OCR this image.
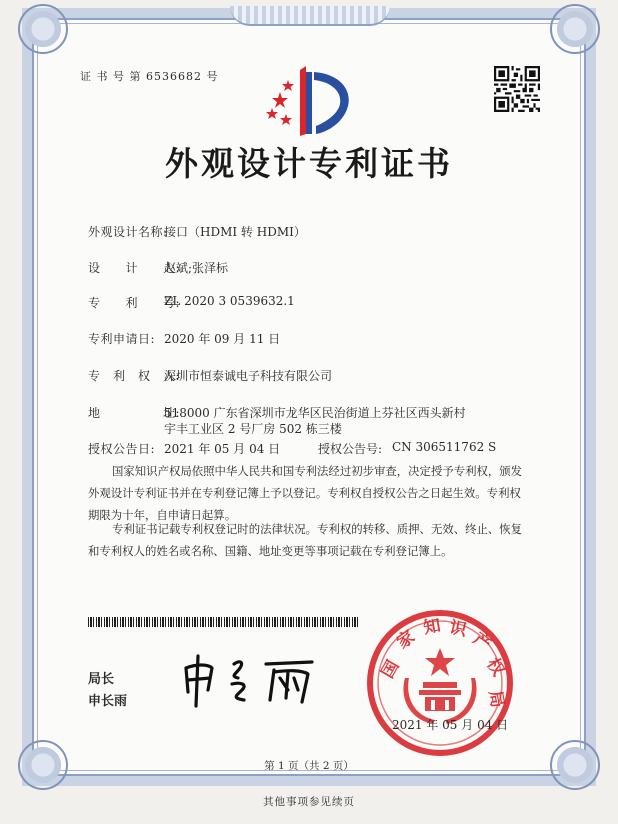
证 书 号 第 6536682 号
外观设计专利证书
外观设计名称:
接口（HDMI 转 HDMI）
设　　计　　人:
赵斌;张泽标
专　　利　　号:
ZL 2020 3 0539632.1
专利申请日: 2020 年 09 月 11 日
专　利　权　人:
深圳市恒泰诚电子科技有限公司
地　　　　　址:
518000 广东省深圳市龙华区民治街道上芬社区西头新村
宇丰工业区 2 号厂房 502 栋三楼
授权公告日: 2021 年 05 月 04 日	授权公告号: CN 306511762 S
国家知识产权局依照中华人民共和国专利法经过初步审查，决定授予专利权，颁发外观设计专利证书并在专利登记簿上予以登记。专利权自授权公告之日起生效。专利权期限为十年，自申请日起算。
专利证书记载专利权登记时的法律状况。专利权的转移、质押、无效、终止、恢复和专利权人的姓名或名称、国籍、地址变更等事项记载在专利登记簿上。
局长
申长雨
国
家 知 识 产
权
局
2021 年 05 月 04 日
第 1 页（共 2 页）
其他事项参见续页
